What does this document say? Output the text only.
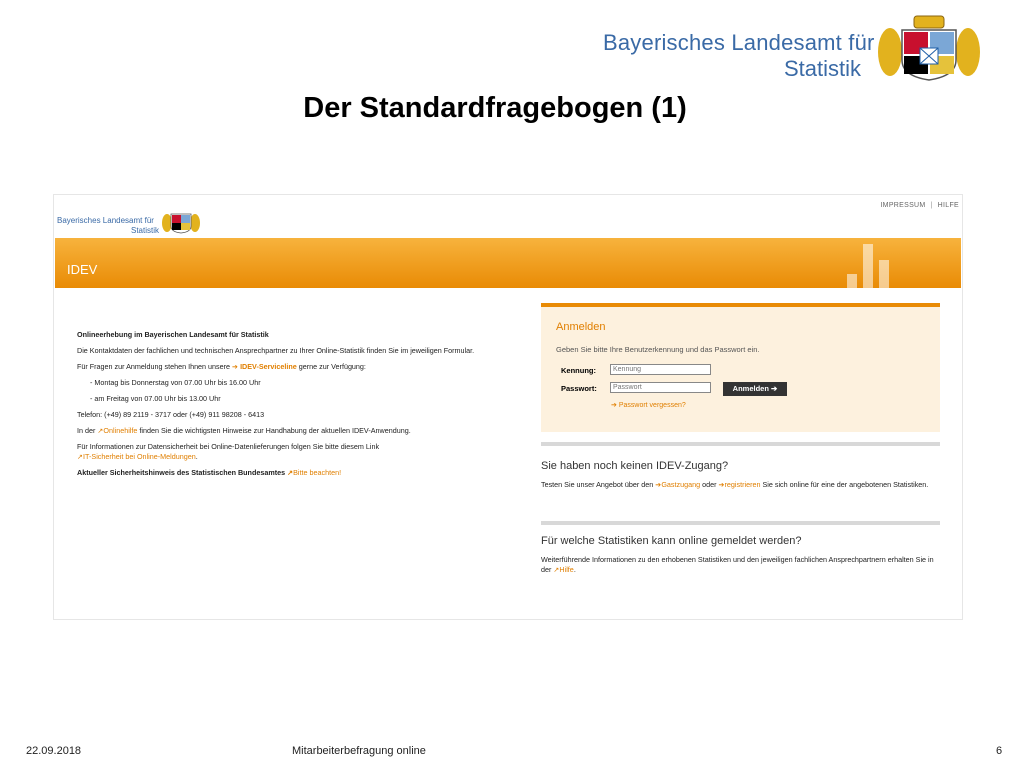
Bayerisches Landesamt für
Statistik
Der Standardfragebogen (1)
Bayerisches Landesamt für
Statistik
IMPRESSUM | HILFE
IDEV

Onlineerhebung im Bayerischen Landesamt für Statistik

Die Kontaktdaten der fachlichen und technischen Ansprechpartner zu Ihrer Online-Statistik finden Sie im jeweiligen Formular.

Für Fragen zur Anmeldung stehen Ihnen unsere ➔ IDEV-Serviceline gerne zur Verfügung:

- Montag bis Donnerstag von 07.00 Uhr bis 16.00 Uhr

- am Freitag von 07.00 Uhr bis 13.00 Uhr

Telefon: (+49) 89 2119 - 3717 oder (+49) 911 98208 - 6413

In der ↗Onlinehilfe finden Sie die wichtigsten Hinweise zur Handhabung der aktuellen IDEV-Anwendung.

Für Informationen zur Datensicherheit bei Online-Datenlieferungen folgen Sie bitte diesem Link
↗IT-Sicherheit bei Online-Meldungen.

Aktueller Sicherheitshinweis des Statistischen Bundesamtes ↗Bitte beachten!

Anmelden
Geben Sie bitte Ihre Benutzerkennung und das Passwort ein.
Kennung:
Kennung
Passwort:
Passwort	Anmelden ➔
➔ Passwort vergessen?
Sie haben noch keinen IDEV-Zugang?
Testen Sie unser Angebot über den ➔Gastzugang oder ➔registrieren Sie sich online für eine der angebotenen Statistiken.
Für welche Statistiken kann online gemeldet werden?
Weiterführende Informationen zu den erhobenen Statistiken und den jeweiligen fachlichen Ansprechpartnern erhalten Sie in der ↗Hilfe.
22.09.2018	Mitarbeiterbefragung online	6
